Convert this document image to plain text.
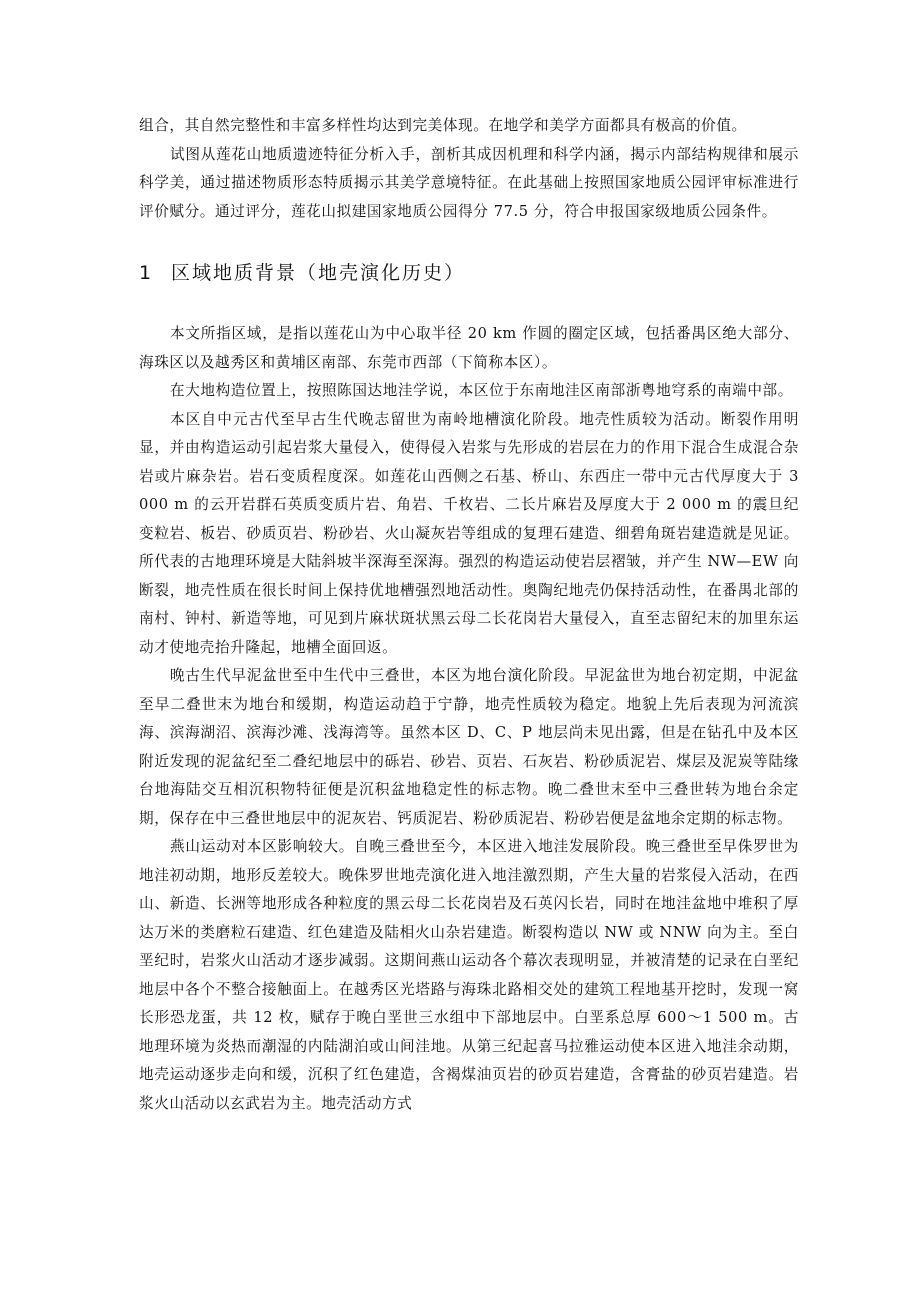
组合，其自然完整性和丰富多样性均达到完美体现。在地学和美学方面都具有极高的价值。

试图从莲花山地质遗迹特征分析入手，剖析其成因机理和科学内涵，揭示内部结构规律和展示科学美，通过描述物质形态特质揭示其美学意境特征。在此基础上按照国家地质公园评审标准进行评价赋分。通过评分，莲花山拟建国家地质公园得分 77.5 分，符合申报国家级地质公园条件。

1 区域地质背景（地壳演化历史）

本文所指区域，是指以莲花山为中心取半径 20 km 作圆的圈定区域，包括番禺区绝大部分、海珠区以及越秀区和黄埔区南部、东莞市西部（下简称本区）。

在大地构造位置上，按照陈国达地洼学说，本区位于东南地洼区南部浙粤地穹系的南端中部。

本区自中元古代至早古生代晚志留世为南岭地槽演化阶段。地壳性质较为活动。断裂作用明显，并由构造运动引起岩浆大量侵入，使得侵入岩浆与先形成的岩层在力的作用下混合生成混合杂岩或片麻杂岩。岩石变质程度深。如莲花山西侧之石基、桥山、东西庄一带中元古代厚度大于 3 000 m 的云开岩群石英质变质片岩、角岩、千枚岩、二长片麻岩及厚度大于 2 000 m 的震旦纪变粒岩、板岩、砂质页岩、粉砂岩、火山凝灰岩等组成的复理石建造、细碧角斑岩建造就是见证。所代表的古地理环境是大陆斜坡半深海至深海。强烈的构造运动使岩层褶皱，并产生 NW—EW 向断裂，地壳性质在很长时间上保持优地槽强烈地活动性。奥陶纪地壳仍保持活动性，在番禺北部的南村、钟村、新造等地，可见到片麻状斑状黑云母二长花岗岩大量侵入，直至志留纪末的加里东运动才使地壳抬升隆起，地槽全面回返。

晚古生代早泥盆世至中生代中三叠世，本区为地台演化阶段。早泥盆世为地台初定期，中泥盆至早二叠世末为地台和缓期，构造运动趋于宁静，地壳性质较为稳定。地貌上先后表现为河流滨海、滨海湖沼、滨海沙滩、浅海湾等。虽然本区 D、C、P 地层尚未见出露，但是在钻孔中及本区附近发现的泥盆纪至二叠纪地层中的砾岩、砂岩、页岩、石灰岩、粉砂质泥岩、煤层及泥炭等陆缘台地海陆交互相沉积物特征便是沉积盆地稳定性的标志物。晚二叠世末至中三叠世转为地台余定期，保存在中三叠世地层中的泥灰岩、钙质泥岩、粉砂质泥岩、粉砂岩便是盆地余定期的标志物。

燕山运动对本区影响较大。自晚三叠世至今，本区进入地洼发展阶段。晚三叠世至早侏罗世为地洼初动期，地形反差较大。晚侏罗世地壳演化进入地洼激烈期，产生大量的岩浆侵入活动，在西山、新造、长洲等地形成各种粒度的黑云母二长花岗岩及石英闪长岩，同时在地洼盆地中堆积了厚达万米的类磨粒石建造、红色建造及陆相火山杂岩建造。断裂构造以 NW 或 NNW 向为主。至白垩纪时，岩浆火山活动才逐步减弱。这期间燕山运动各个幕次表现明显，并被清楚的记录在白垩纪地层中各个不整合接触面上。在越秀区光塔路与海珠北路相交处的建筑工程地基开挖时，发现一窝长形恐龙蛋，共 12 枚，赋存于晚白垩世三水组中下部地层中。白垩系总厚 600～1 500 m。古地理环境为炎热而潮湿的内陆湖泊或山间洼地。从第三纪起喜马拉雅运动使本区进入地洼余动期，地壳运动逐步走向和缓，沉积了红色建造，含褐煤油页岩的砂页岩建造，含膏盐的砂页岩建造。岩浆火山活动以玄武岩为主。地壳活动方式
